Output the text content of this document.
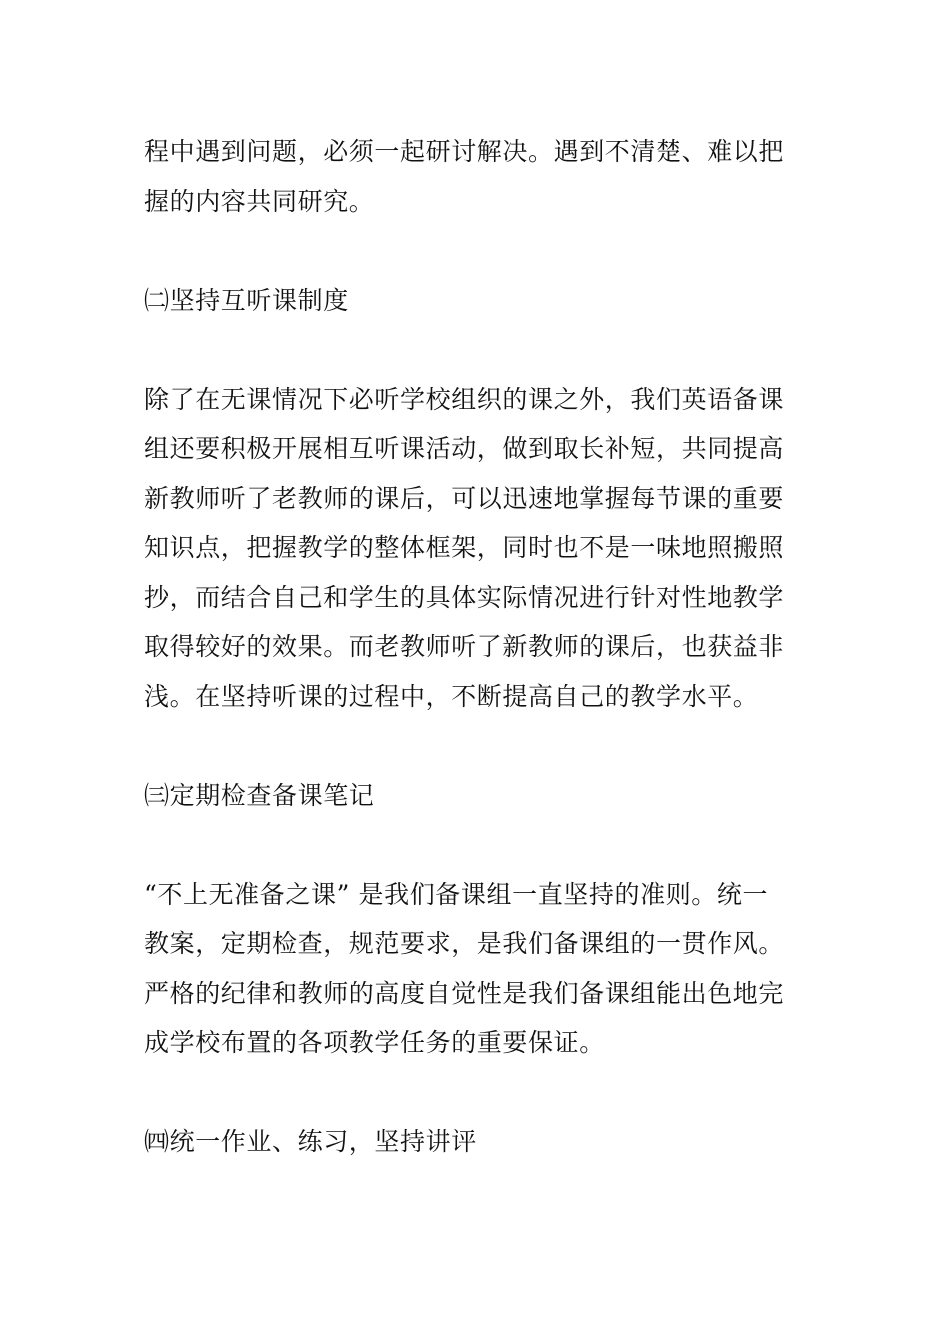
程中遇到问题，必须一起研讨解决。遇到不清楚、难以把
握的内容共同研究。
㈡坚持互听课制度
除了在无课情况下必听学校组织的课之外，我们英语备课
组还要积极开展相互听课活动，做到取长补短，共同提高
新教师听了老教师的课后，可以迅速地掌握每节课的重要
知识点，把握教学的整体框架，同时也不是一味地照搬照
抄，而结合自己和学生的具体实际情况进行针对性地教学
取得较好的效果。而老教师听了新教师的课后，也获益非
浅。在坚持听课的过程中，不断提高自己的教学水平。
㈢定期检查备课笔记
“不上无准备之课” 是我们备课组一直坚持的准则。统一
教案，定期检查，规范要求，是我们备课组的一贯作风。
严格的纪律和教师的高度自觉性是我们备课组能出色地完
成学校布置的各项教学任务的重要保证。
㈣统一作业、练习，坚持讲评
